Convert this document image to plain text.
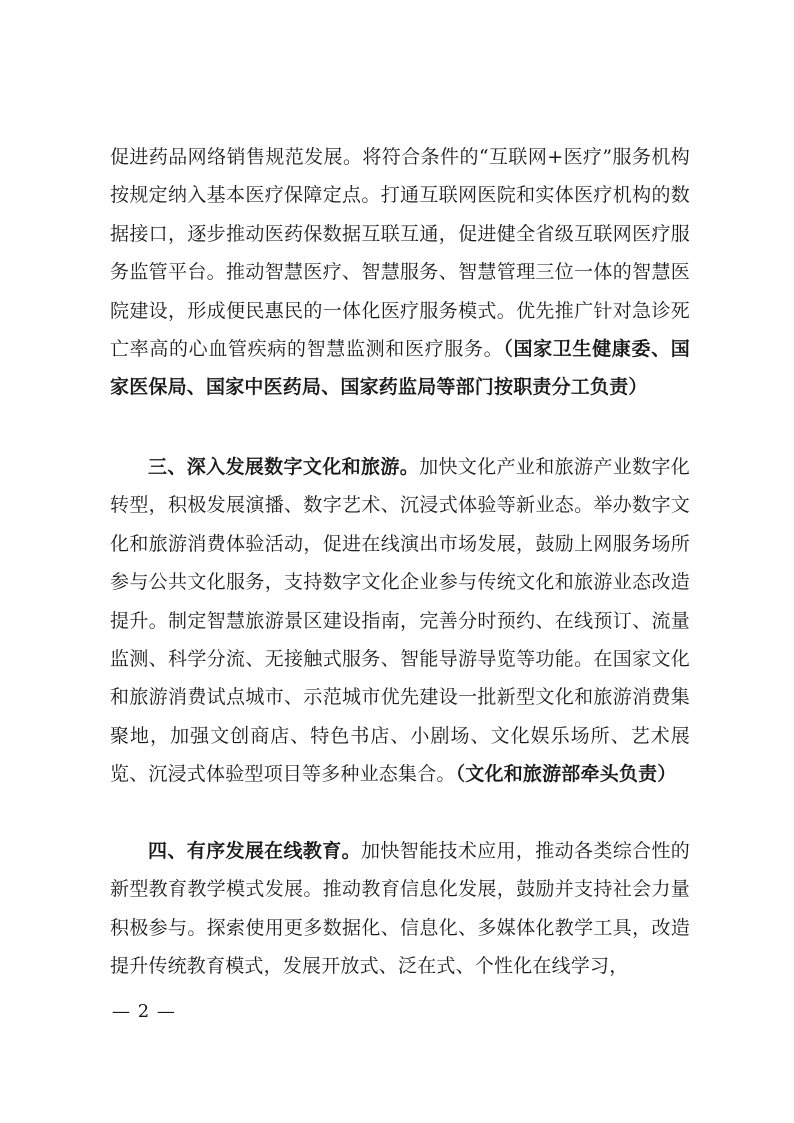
促进药品网络销售规范发展。将符合条件的“互联网+医疗”服务机构按规定纳入基本医疗保障定点。打通互联网医院和实体医疗机构的数据接口，逐步推动医药保数据互联互通，促进健全省级互联网医疗服务监管平台。推动智慧医疗、智慧服务、智慧管理三位一体的智慧医院建设，形成便民惠民的一体化医疗服务模式。优先推广针对急诊死亡率高的心血管疾病的智慧监测和医疗服务。（国家卫生健康委、国家医保局、国家中医药局、国家药监局等部门按职责分工负责）

三、深入发展数字文化和旅游。加快文化产业和旅游产业数字化转型，积极发展演播、数字艺术、沉浸式体验等新业态。举办数字文化和旅游消费体验活动，促进在线演出市场发展，鼓励上网服务场所参与公共文化服务，支持数字文化企业参与传统文化和旅游业态改造提升。制定智慧旅游景区建设指南，完善分时预约、在线预订、流量监测、科学分流、无接触式服务、智能导游导览等功能。在国家文化和旅游消费试点城市、示范城市优先建设一批新型文化和旅游消费集聚地，加强文创商店、特色书店、小剧场、文化娱乐场所、艺术展览、沉浸式体验型项目等多种业态集合。（文化和旅游部牵头负责）

四、有序发展在线教育。加快智能技术应用，推动各类综合性的新型教育教学模式发展。推动教育信息化发展，鼓励并支持社会力量积极参与。探索使用更多数据化、信息化、多媒体化教学工具，改造提升传统教育模式，发展开放式、泛在式、个性化在线学习，

— 2 —
